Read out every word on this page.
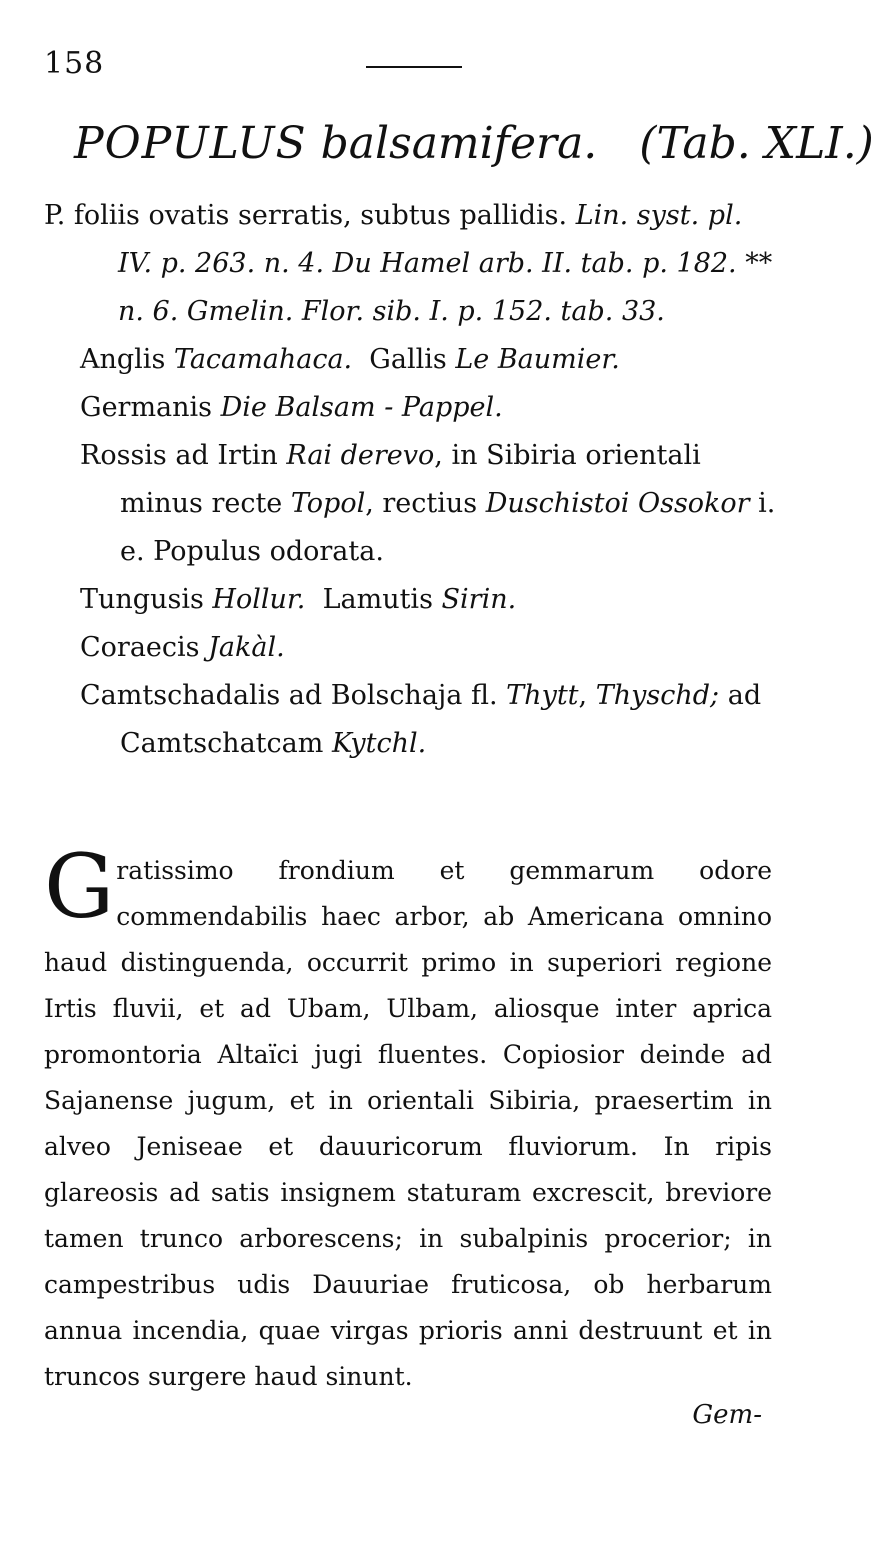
158
POPULUS balsamifera. (Tab. XLI.)

P. foliis ovatis serratis, subtus pallidis. Lin. syst. pl. IV. p. 263. n. 4. Du Hamel arb. II. tab. p. 182. ** n. 6. Gmelin. Flor. sib. I. p. 152. tab. 33.

Anglis Tacamahaca. Gallis Le Baumier.

Germanis Die Balsam - Pappel.

Rossis ad Irtin Rai derevo, in Sibiria orientali minus recte Topol, rectius Duschistoi Ossokor i. e. Populus odorata.

Tungusis Hollur. Lamutis Sirin.

Coraecis Jakàl.

Camtschadalis ad Bolschaja fl. Thytt, Thyschd; ad Camtschatcam Kytchl.

Gratissimo frondium et gemmarum odore commendabilis haec arbor, ab Americana omnino haud distinguenda, occurrit primo in superiori regione Irtis fluvii, et ad Ubam, Ulbam, aliosque inter aprica promontoria Altaïci jugi fluentes. Copiosior deinde ad Sajanense jugum, et in orientali Sibiria, praesertim in alveo Jeniseae et dauuricorum fluviorum. In ripis glareosis ad satis insignem staturam excrescit, breviore tamen trunco arborescens; in subalpinis procerior; in campestribus udis Dauuriae fruticosa, ob herbarum annua incendia, quae virgas prioris anni destruunt et in truncos surgere haud sinunt.
Gem-
